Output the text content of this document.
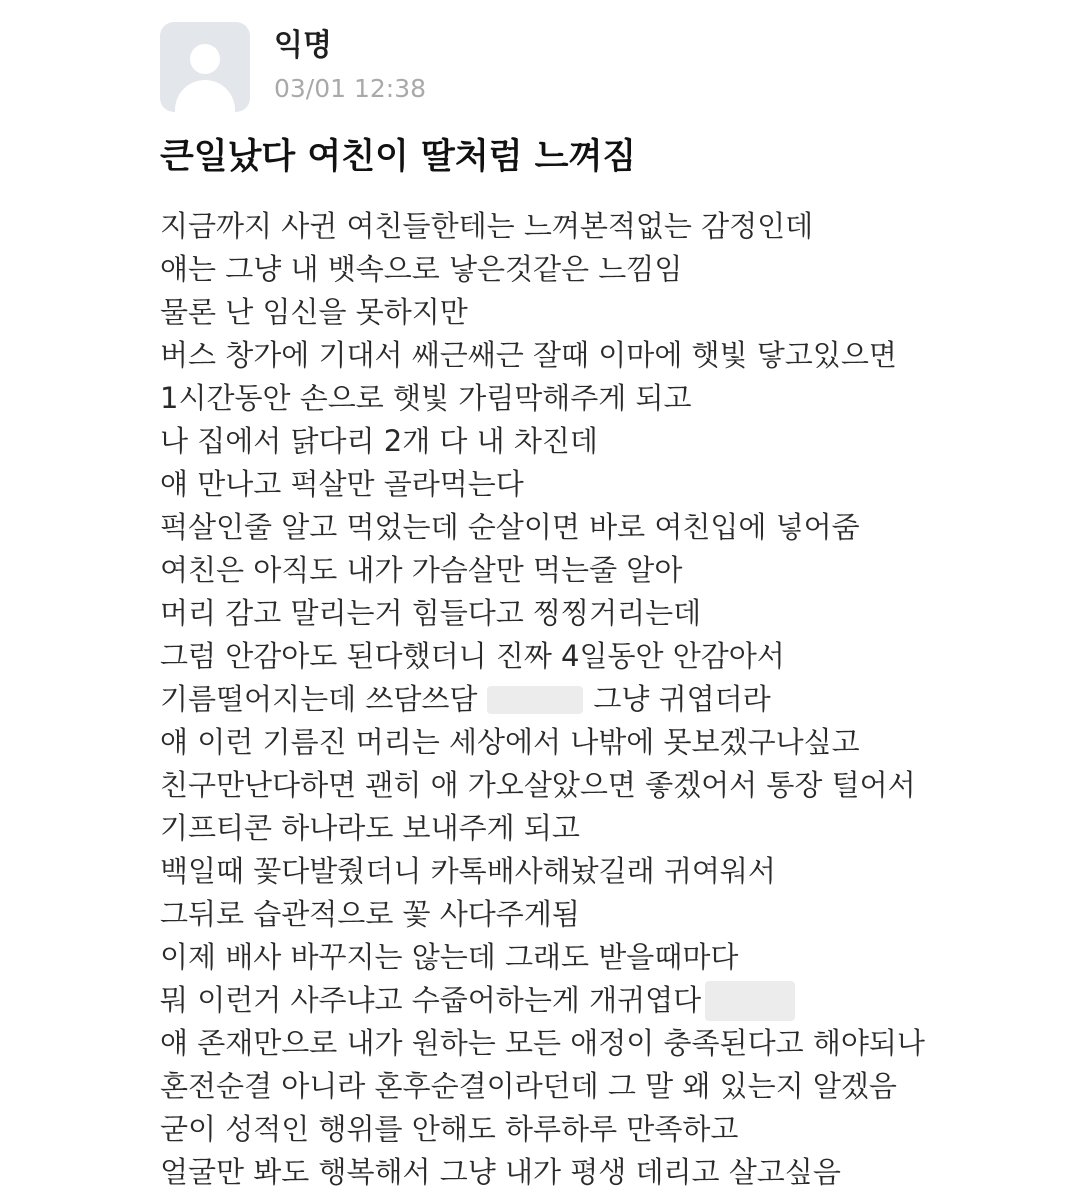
익명
03/01 12:38
큰일났다 여친이 딸처럼 느껴짐
지금까지 사귄 여친들한테는 느껴본적없는 감정인데
얘는 그냥 내 뱃속으로 낳은것같은 느낌임
물론 난 임신을 못하지만
버스 창가에 기대서 쌔근쌔근 잘때 이마에 햇빛 닿고있으면
1시간동안 손으로 햇빛 가림막해주게 되고
나 집에서 닭다리 2개 다 내 차진데
얘 만나고 퍽살만 골라먹는다
퍽살인줄 알고 먹었는데 순살이면 바로 여친입에 넣어줌
여친은 아직도 내가 가슴살만 먹는줄 알아
머리 감고 말리는거 힘들다고 찡찡거리는데
그럼 안감아도 된다했더니 진짜 4일동안 안감아서
기름떨어지는데 쓰담쓰담	그냥 귀엽더라
얘 이런 기름진 머리는 세상에서 나밖에 못보겠구나싶고
친구만난다하면 괜히 애 가오살았으면 좋겠어서 통장 털어서
기프티콘 하나라도 보내주게 되고
백일때 꽃다발줬더니 카톡배사해놨길래 귀여워서
그뒤로 습관적으로 꽃 사다주게됨
이제 배사 바꾸지는 않는데 그래도 받을때마다
뭐 이런거 사주냐고 수줍어하는게 개귀엽다
얘 존재만으로 내가 원하는 모든 애정이 충족된다고 해야되나
혼전순결 아니라 혼후순결이라던데 그 말 왜 있는지 알겠음
굳이 성적인 행위를 안해도 하루하루 만족하고
얼굴만 봐도 행복해서 그냥 내가 평생 데리고 살고싶음
